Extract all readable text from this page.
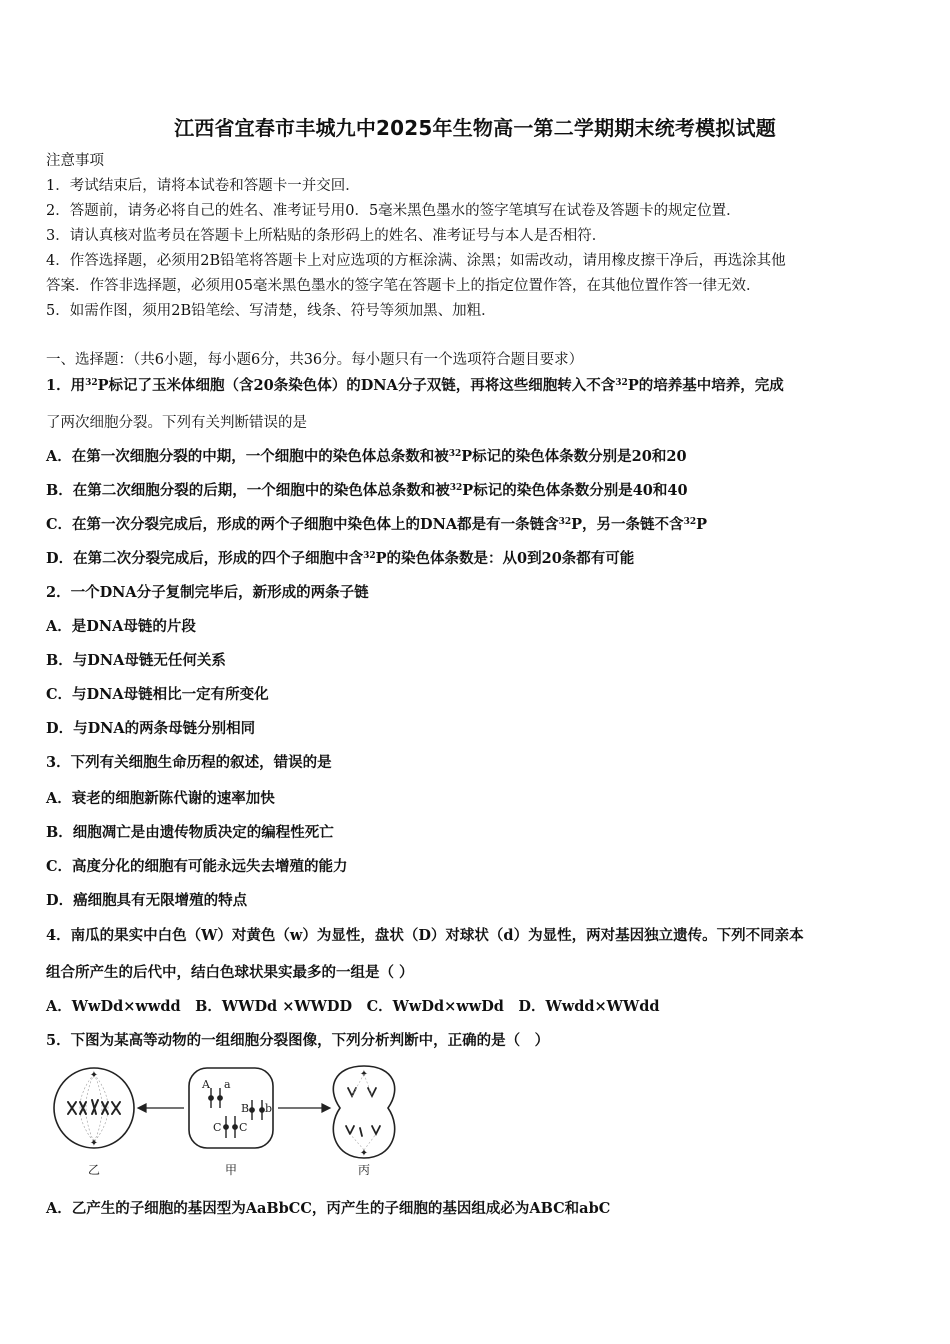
江西省宜春市丰城九中2025年生物高一第二学期期末统考模拟试题
注意事项
1．考试结束后，请将本试卷和答题卡一并交回．
2．答题前，请务必将自己的姓名、准考证号用0．5毫米黑色墨水的签字笔填写在试卷及答题卡的规定位置．
3．请认真核对监考员在答题卡上所粘贴的条形码上的姓名、准考证号与本人是否相符．
4．作答选择题，必须用2B铅笔将答题卡上对应选项的方框涂满、涂黑；如需改动，请用橡皮擦干净后，再选涂其他
答案．作答非选择题，必须用05毫米黑色墨水的签字笔在答题卡上的指定位置作答，在其他位置作答一律无效．
5．如需作图，须用2B铅笔绘、写清楚，线条、符号等须加黑、加粗．
一、选择题：（共6小题，每小题6分，共36分。每小题只有一个选项符合题目要求）
1．用$^{32}$P标记了玉米体细胞（含20条染色体）的DNA分子双链，再将这些细胞转入不含$^{32}$P的培养基中培养，完成
了两次细胞分裂。下列有关判断错误的是
A．在第一次细胞分裂的中期，一个细胞中的染色体总条数和被$^{32}$P标记的染色体条数分别是20和20
B．在第二次细胞分裂的后期，一个细胞中的染色体总条数和被$^{32}$P标记的染色体条数分别是40和40
C．在第一次分裂完成后，形成的两个子细胞中染色体上的DNA都是有一条链含$^{32}$P，另一条链不含$^{32}$P
D．在第二次分裂完成后，形成的四个子细胞中含$^{32}$P的染色体条数是：从0到20条都有可能
2．一个DNA分子复制完毕后，新形成的两条子链
A．是DNA母链的片段
B．与DNA母链无任何关系
C．与DNA母链相比一定有所变化
D．与DNA的两条母链分别相同
3．下列有关细胞生命历程的叙述，错误的是
A．衰老的细胞新陈代谢的速率加快
B．细胞凋亡是由遗传物质决定的编程性死亡
C．高度分化的细胞有可能永远失去增殖的能力
D．癌细胞具有无限增殖的特点
4．南瓜的果实中白色（W）对黄色（w）为显性，盘状（D）对球状（d）为显性，两对基因独立遗传。下列不同亲本
组合所产生的后代中，结白色球状果实最多的一组是（ ）
A．WwDd×wwdd　B．WWDd ×WWDD　C．WwDd×wwDd　D．Wwdd×WWdd
5．下图为某高等动物的一组细胞分裂图像，下列分析判断中，正确的是（　）
✦
✦
乙
A a
B b
C C
甲
✦
✦
丙
A．乙产生的子细胞的基因型为AaBbCC，丙产生的子细胞的基因组成必为ABC和abC
